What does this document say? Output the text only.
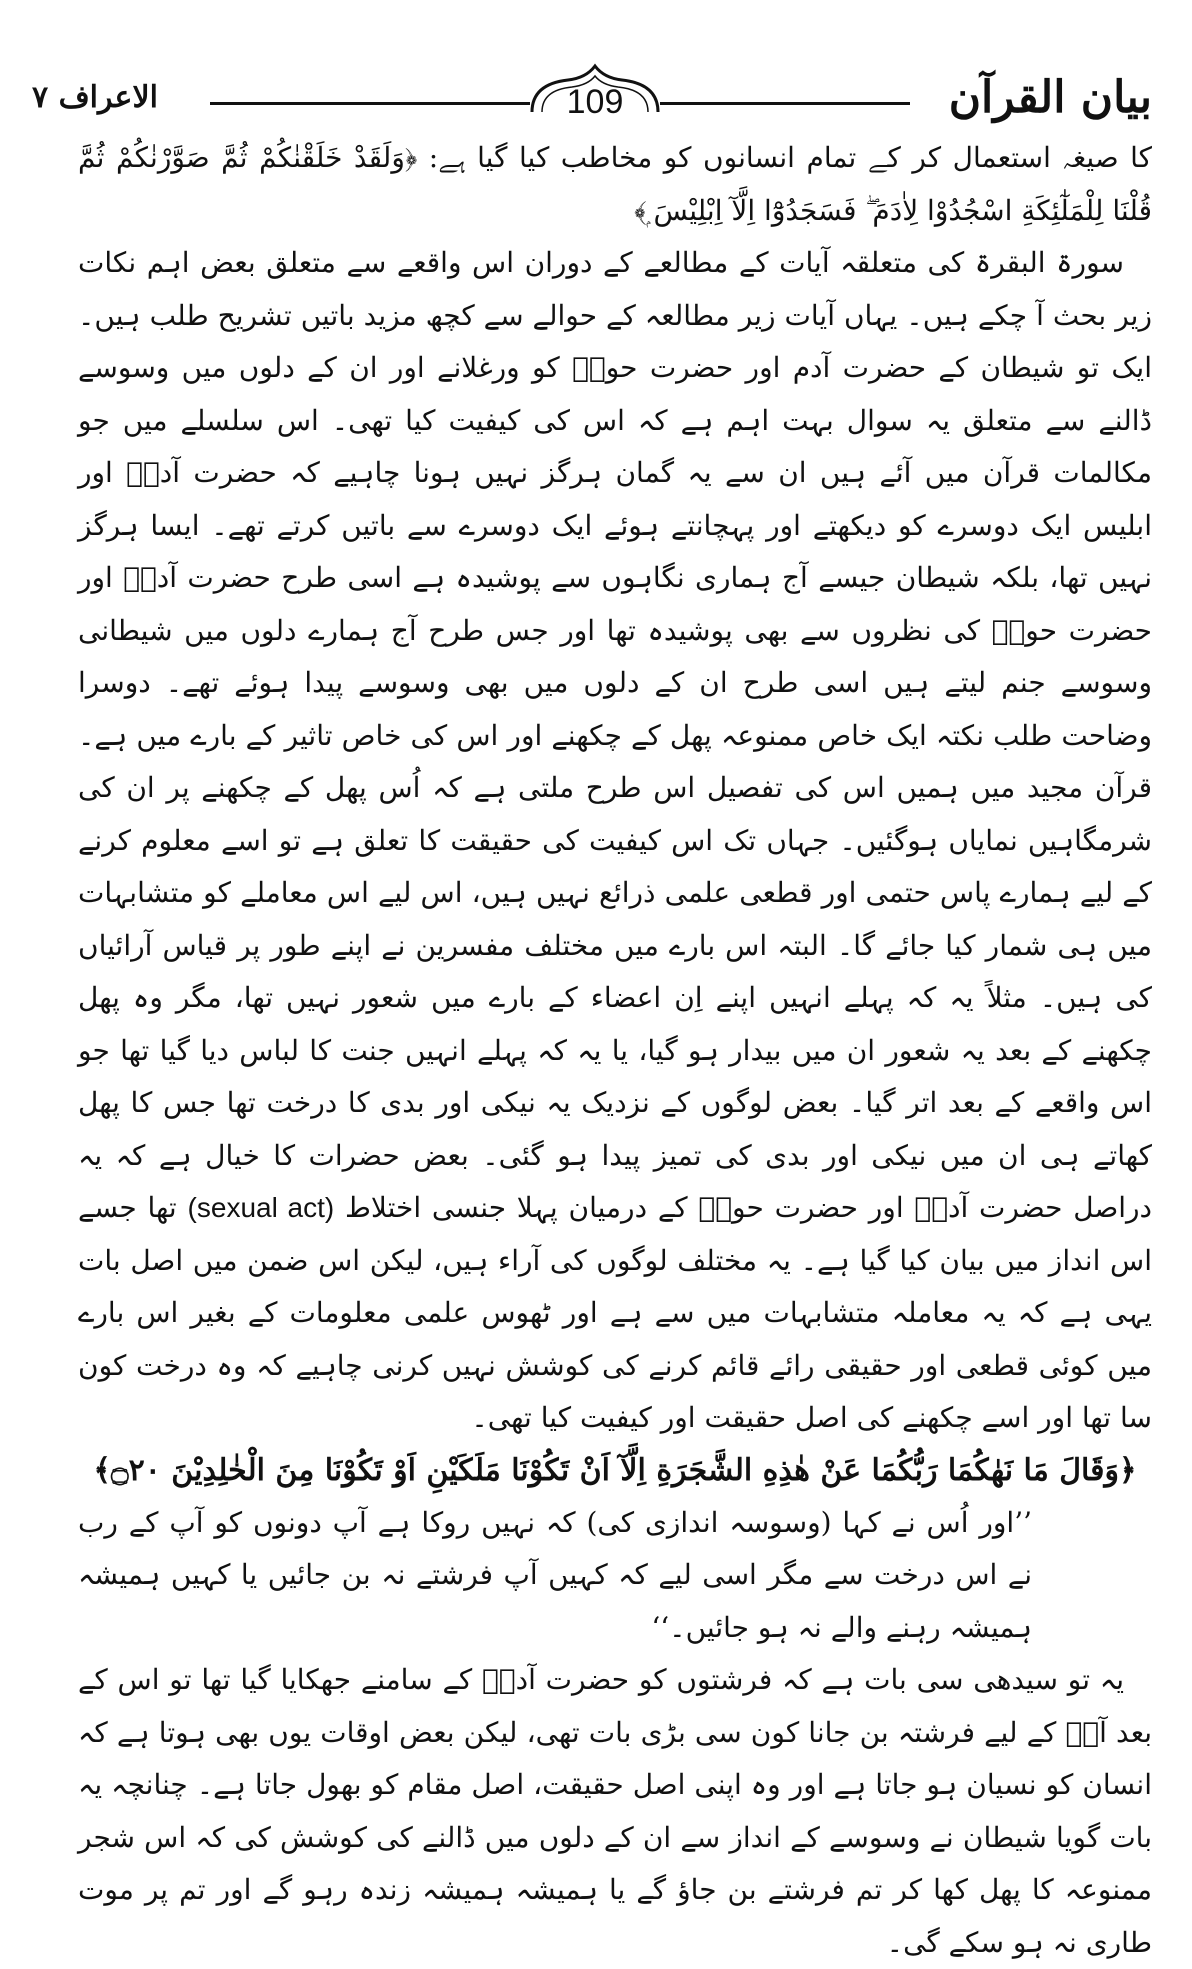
بیان القرآن
109
الاعراف ۷

کا صیغہ استعمال کر کے تمام انسانوں کو مخاطب کیا گیا ہے: ﴿وَلَقَدْ خَلَقْنٰكُمْ ثُمَّ صَوَّرْنٰكُمْ ثُمَّ قُلْنَا لِلْمَلٰٓئِكَةِ اسْجُدُوْا لِاٰدَمَ ۖ فَسَجَدُوْٓا اِلَّآ اِبْلِيْسَ ۭ﴾

سورۃ البقرۃ کی متعلقہ آیات کے مطالعے کے دوران اس واقعے سے متعلق بعض اہم نکات زیر بحث آ چکے ہیں۔ یہاں آیات زیر مطالعہ کے حوالے سے کچھ مزید باتیں تشریح طلب ہیں۔ ایک تو شیطان کے حضرت آدم اور حضرت حواؑ کو ورغلانے اور ان کے دلوں میں وسوسے ڈالنے سے متعلق یہ سوال بہت اہم ہے کہ اس کی کیفیت کیا تھی۔ اس سلسلے میں جو مکالمات قرآن میں آئے ہیں ان سے یہ گمان ہرگز نہیں ہونا چاہیے کہ حضرت آدمؑ اور ابلیس ایک دوسرے کو دیکھتے اور پہچانتے ہوئے ایک دوسرے سے باتیں کرتے تھے۔ ایسا ہرگز نہیں تھا، بلکہ شیطان جیسے آج ہماری نگاہوں سے پوشیدہ ہے اسی طرح حضرت آدمؑ اور حضرت حواؑ کی نظروں سے بھی پوشیدہ تھا اور جس طرح آج ہمارے دلوں میں شیطانی وسوسے جنم لیتے ہیں اسی طرح ان کے دلوں میں بھی وسوسے پیدا ہوئے تھے۔ دوسرا وضاحت طلب نکتہ ایک خاص ممنوعہ پھل کے چکھنے اور اس کی خاص تاثیر کے بارے میں ہے۔ قرآن مجید میں ہمیں اس کی تفصیل اس طرح ملتی ہے کہ اُس پھل کے چکھنے پر ان کی شرمگاہیں نمایاں ہوگئیں۔ جہاں تک اس کیفیت کی حقیقت کا تعلق ہے تو اسے معلوم کرنے کے لیے ہمارے پاس حتمی اور قطعی علمی ذرائع نہیں ہیں، اس لیے اس معاملے کو متشابہات میں ہی شمار کیا جائے گا۔ البتہ اس بارے میں مختلف مفسرین نے اپنے طور پر قیاس آرائیاں کی ہیں۔ مثلاً یہ کہ پہلے انہیں اپنے اِن اعضاء کے بارے میں شعور نہیں تھا، مگر وہ پھل چکھنے کے بعد یہ شعور ان میں بیدار ہو گیا، یا یہ کہ پہلے انہیں جنت کا لباس دیا گیا تھا جو اس واقعے کے بعد اتر گیا۔ بعض لوگوں کے نزدیک یہ نیکی اور بدی کا درخت تھا جس کا پھل کھاتے ہی ان میں نیکی اور بدی کی تمیز پیدا ہو گئی۔ بعض حضرات کا خیال ہے کہ یہ دراصل حضرت آدمؑ اور حضرت حواؑ کے درمیان پہلا جنسی اختلاط (sexual act) تھا جسے اس انداز میں بیان کیا گیا ہے۔ یہ مختلف لوگوں کی آراء ہیں، لیکن اس ضمن میں اصل بات یہی ہے کہ یہ معاملہ متشابہات میں سے ہے اور ٹھوس علمی معلومات کے بغیر اس بارے میں کوئی قطعی اور حقیقی رائے قائم کرنے کی کوشش نہیں کرنی چاہیے کہ وہ درخت کون سا تھا اور اسے چکھنے کی اصل حقیقت اور کیفیت کیا تھی۔

﴿وَقَالَ مَا نَهٰكُمَا رَبُّكُمَا عَنْ هٰذِهِ الشَّجَرَةِ اِلَّآ اَنْ تَكُوْنَا مَلَكَيْنِ اَوْ تَكُوْنَا مِنَ الْخٰلِدِيْنَ ۝۲۰﴾

’’اور اُس نے کہا (وسوسہ اندازی کی) کہ نہیں روکا ہے آپ دونوں کو آپ کے رب نے اس درخت سے مگر اسی لیے کہ کہیں آپ فرشتے نہ بن جائیں یا کہیں ہمیشہ ہمیشہ رہنے والے نہ ہو جائیں۔‘‘

یہ تو سیدھی سی بات ہے کہ فرشتوں کو حضرت آدمؑ کے سامنے جھکایا گیا تھا تو اس کے بعد آپؑ کے لیے فرشتہ بن جانا کون سی بڑی بات تھی، لیکن بعض اوقات یوں بھی ہوتا ہے کہ انسان کو نسیان ہو جاتا ہے اور وہ اپنی اصل حقیقت، اصل مقام کو بھول جاتا ہے۔ چنانچہ یہ بات گویا شیطان نے وسوسے کے انداز سے ان کے دلوں میں ڈالنے کی کوشش کی کہ اس شجر ممنوعہ کا پھل کھا کر تم فرشتے بن جاؤ گے یا ہمیشہ ہمیشہ زندہ رہو گے اور تم پر موت طاری نہ ہو سکے گی۔
